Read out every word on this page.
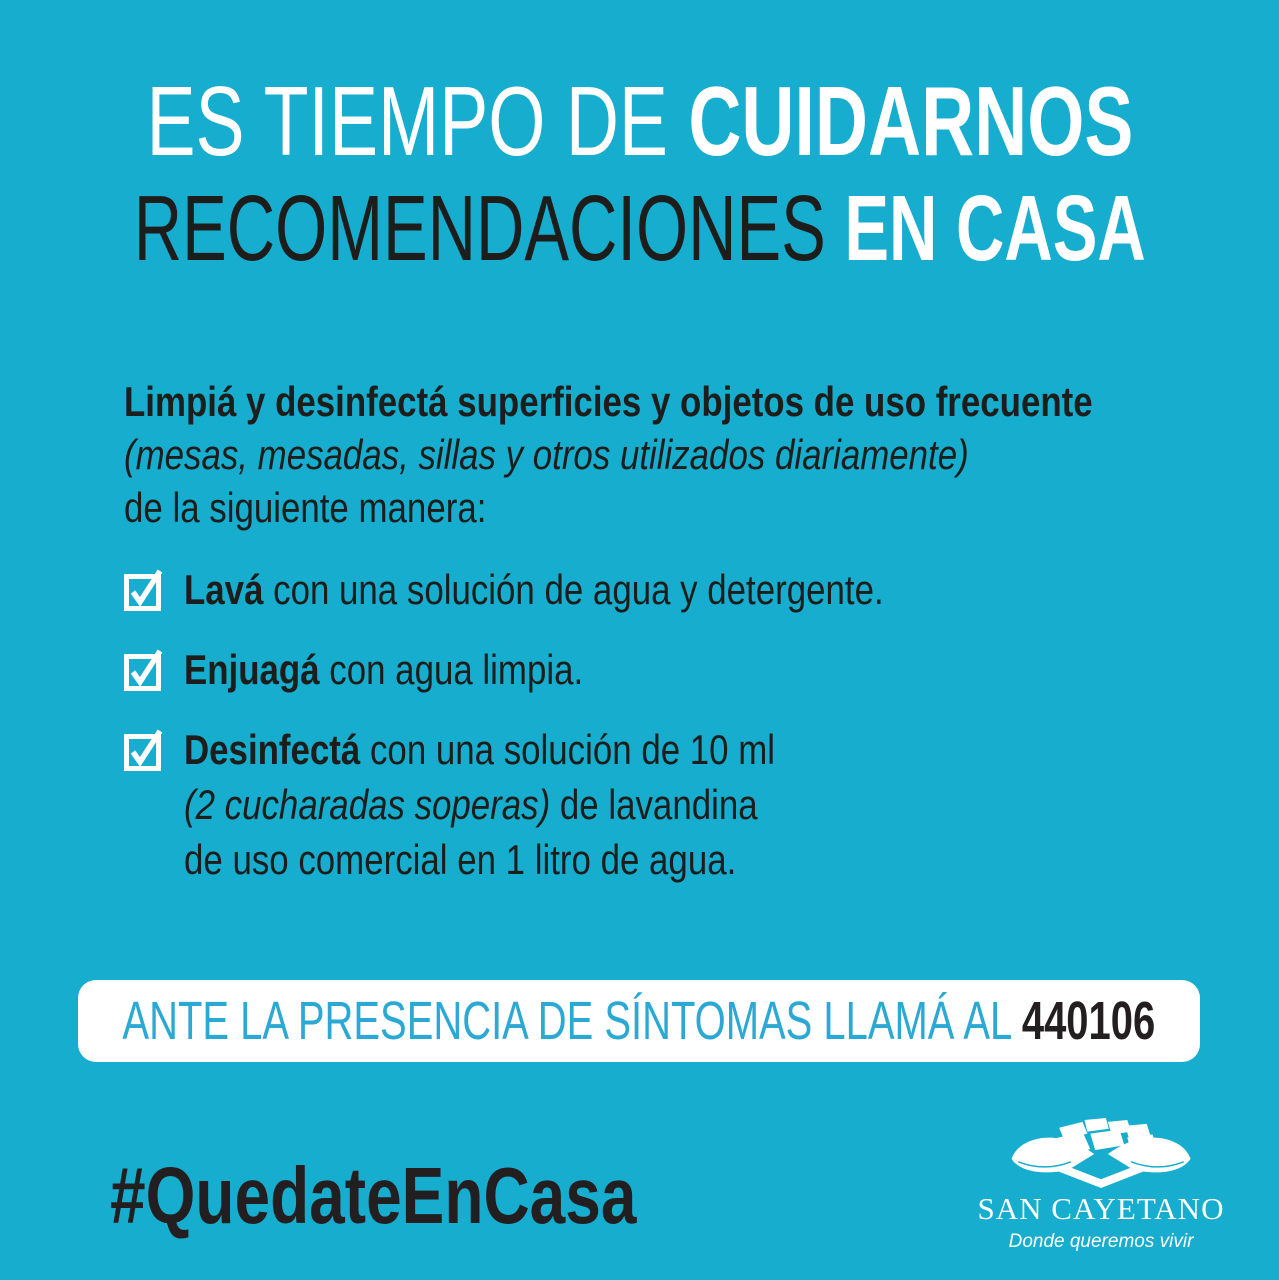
ES TIEMPO DE CUIDARNOS
RECOMENDACIONES EN CASA
Limpiá y desinfectá superficies y objetos de uso frecuente
(mesas, mesadas, sillas y otros utilizados diariamente)
de la siguiente manera:
Lavá con una solución de agua y detergente.
Enjuagá con agua limpia.
Desinfectá con una solución de 10 ml
(2 cucharadas soperas) de lavandina
de uso comercial en 1 litro de agua.
ANTE LA PRESENCIA DE SÍNTOMAS LLAMÁ AL 440106
#QuedateEnCasa	SAN CAYETANO
Donde queremos vivir
